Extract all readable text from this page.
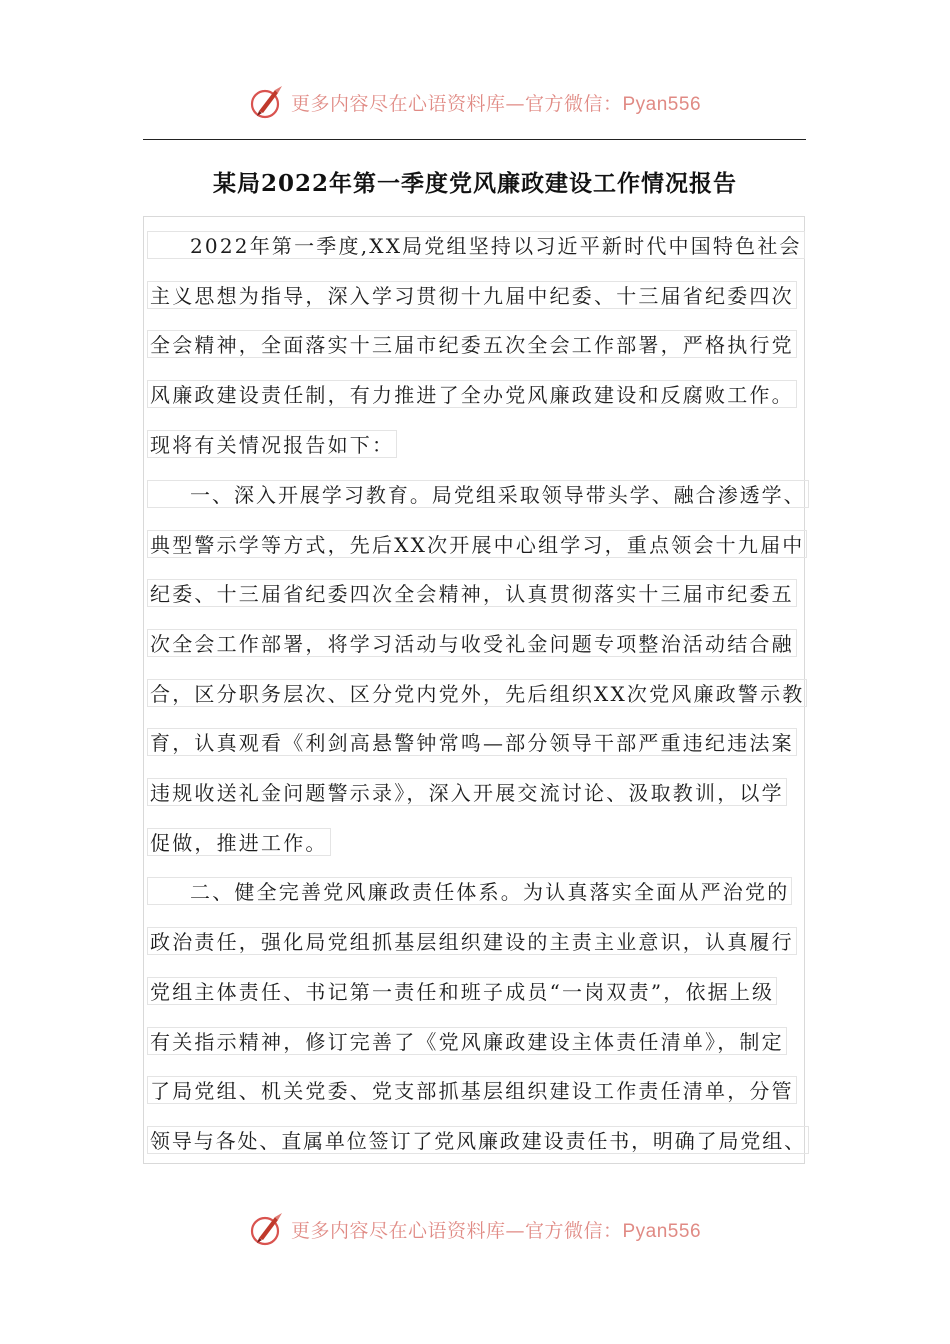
更多内容尽在心语资料库—官方微信：Pyan556
某局2022年第一季度党风廉政建设工作情况报告
2022年第一季度,XX局党组坚持以习近平新时代中国特色社会
主义思想为指导，深入学习贯彻十九届中纪委、十三届省纪委四次
全会精神，全面落实十三届市纪委五次全会工作部署，严格执行党
风廉政建设责任制，有力推进了全办党风廉政建设和反腐败工作。
现将有关情况报告如下：
一、深入开展学习教育。局党组采取领导带头学、融合渗透学、
典型警示学等方式，先后XX次开展中心组学习，重点领会十九届中
纪委、十三届省纪委四次全会精神，认真贯彻落实十三届市纪委五
次全会工作部署，将学习活动与收受礼金问题专项整治活动结合融
合，区分职务层次、区分党内党外，先后组织XX次党风廉政警示教
育，认真观看《利剑高悬警钟常鸣—部分领导干部严重违纪违法案
违规收送礼金问题警示录》，深入开展交流讨论、汲取教训，以学
促做，推进工作。
二、健全完善党风廉政责任体系。为认真落实全面从严治党的
政治责任，强化局党组抓基层组织建设的主责主业意识，认真履行
党组主体责任、书记第一责任和班子成员“一岗双责”，依据上级
有关指示精神，修订完善了《党风廉政建设主体责任清单》，制定
了局党组、机关党委、党支部抓基层组织建设工作责任清单，分管
领导与各处、直属单位签订了党风廉政建设责任书，明确了局党组、
更多内容尽在心语资料库—官方微信：Pyan556
